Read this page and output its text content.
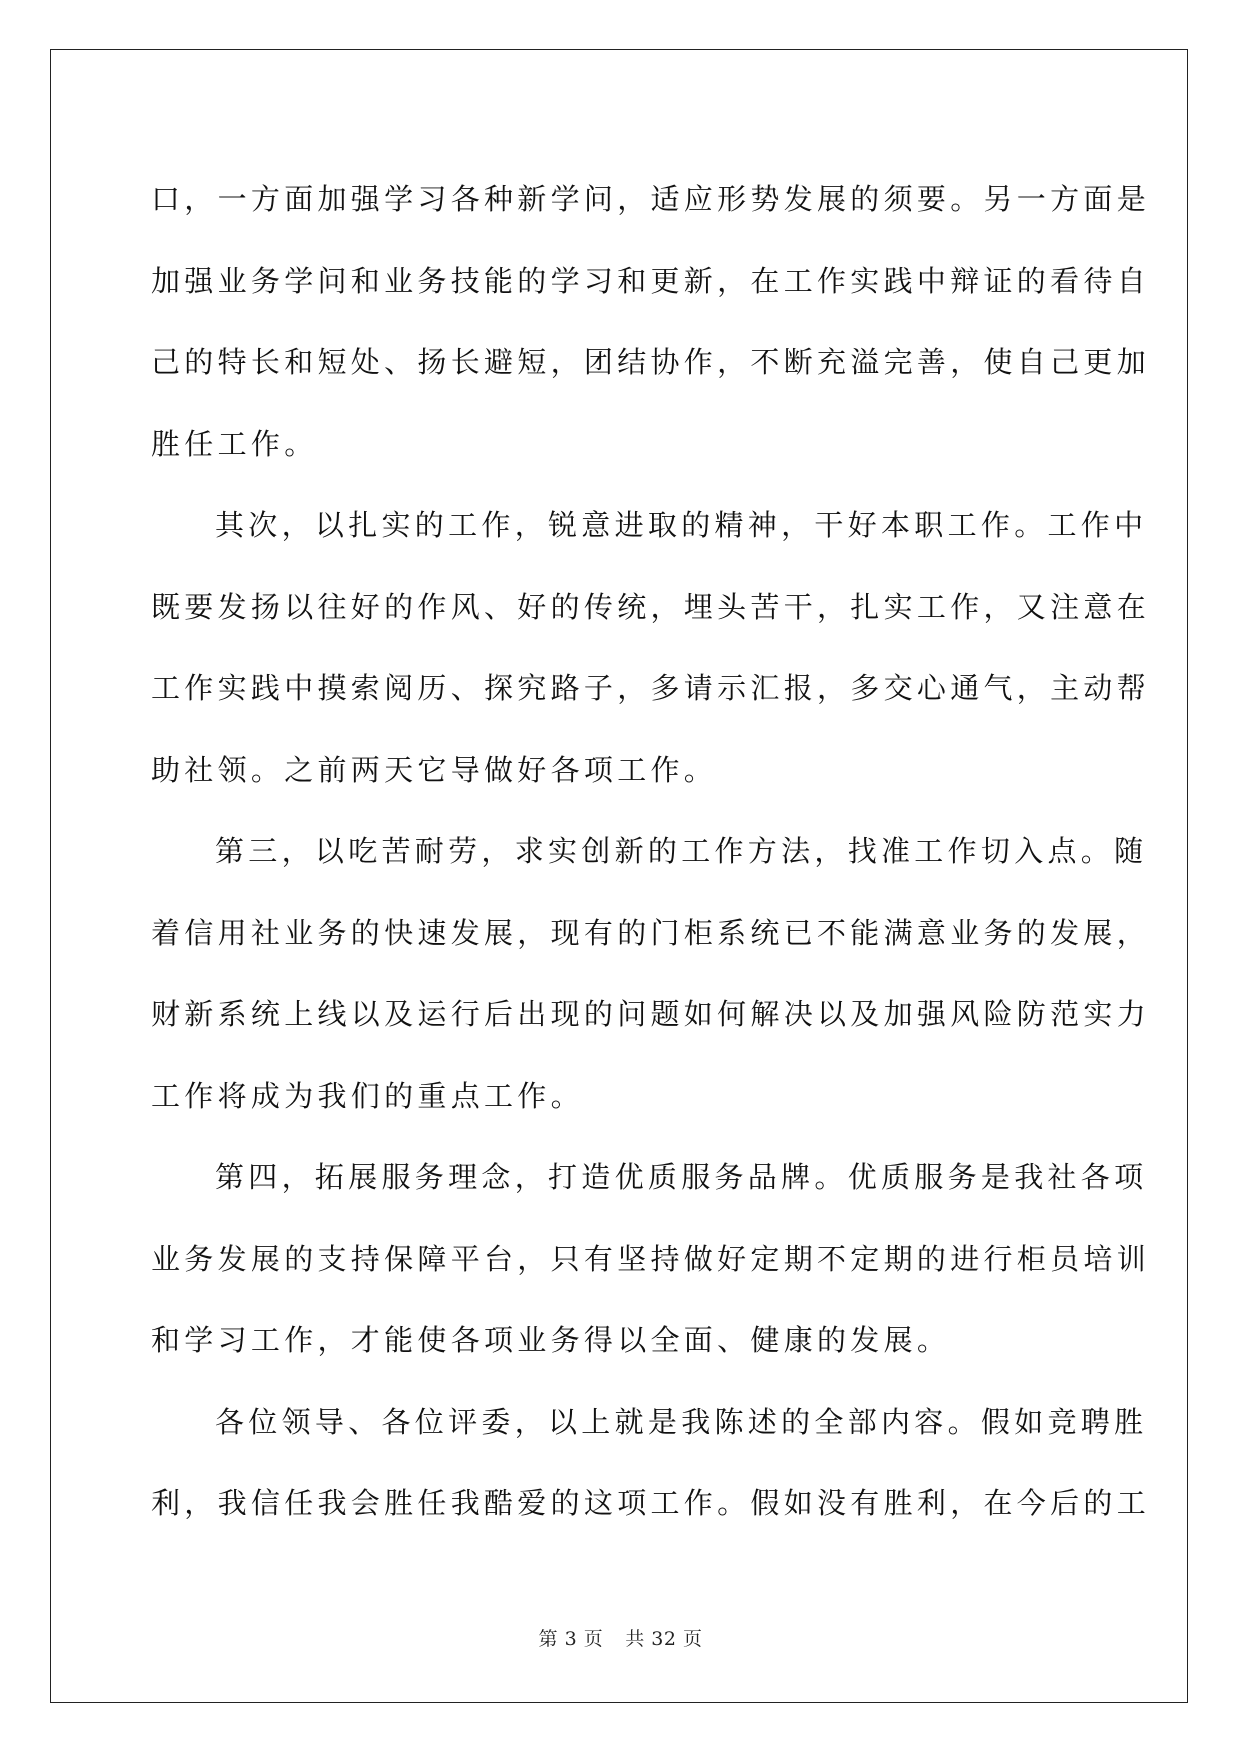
口，一方面加强学习各种新学问，适应形势发展的须要。另一方面是
加强业务学问和业务技能的学习和更新，在工作实践中辩证的看待自
己的特长和短处、扬长避短，团结协作，不断充溢完善，使自己更加
胜任工作。
其次，以扎实的工作，锐意进取的精神，干好本职工作。工作中
既要发扬以往好的作风、好的传统，埋头苦干，扎实工作，又注意在
工作实践中摸索阅历、探究路子，多请示汇报，多交心通气，主动帮
助社领。之前两天它导做好各项工作。
第三，以吃苦耐劳，求实创新的工作方法，找准工作切入点。随
着信用社业务的快速发展，现有的门柜系统已不能满意业务的发展，
财新系统上线以及运行后出现的问题如何解决以及加强风险防范实力
工作将成为我们的重点工作。
第四，拓展服务理念，打造优质服务品牌。优质服务是我社各项
业务发展的支持保障平台，只有坚持做好定期不定期的进行柜员培训
和学习工作，才能使各项业务得以全面、健康的发展。
各位领导、各位评委，以上就是我陈述的全部内容。假如竞聘胜
利，我信任我会胜任我酷爱的这项工作。假如没有胜利，在今后的工
第 3 页 共 32 页
